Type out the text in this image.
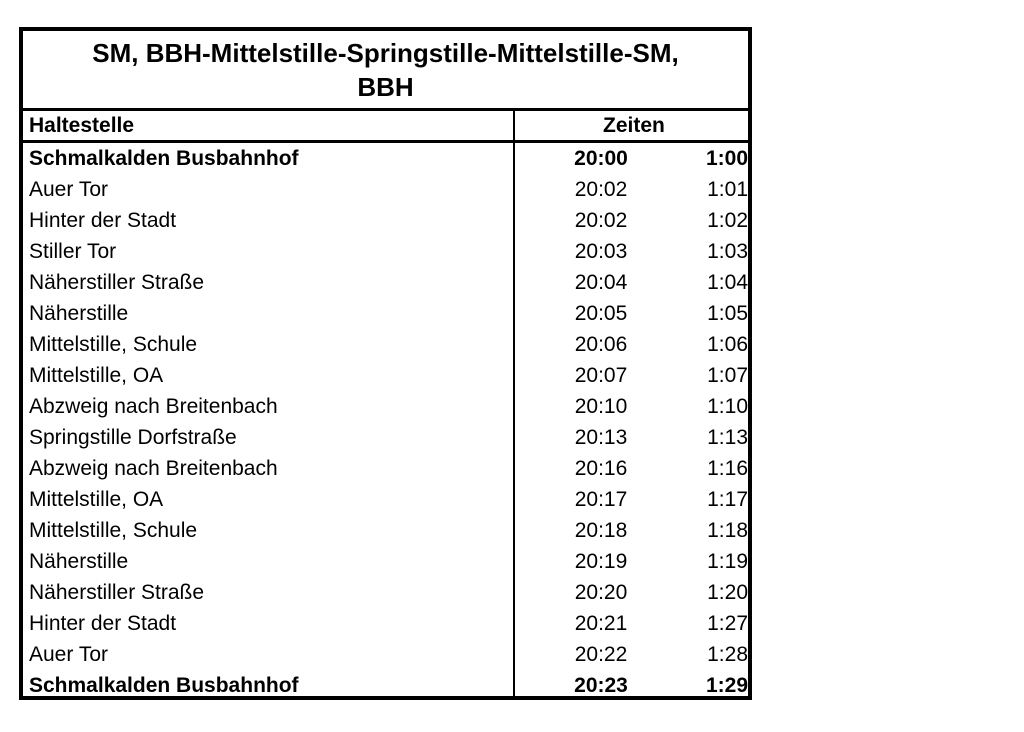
SM, BBH-Mittelstille-Springstille-Mittelstille-SM,
BBH
Haltestelle	Zeiten
Schmalkalden Busbahnhof	20:00	1:00
Auer Tor	20:02	1:01
Hinter der Stadt	20:02	1:02
Stiller Tor	20:03	1:03
Näherstiller Straße	20:04	1:04
Näherstille	20:05	1:05
Mittelstille, Schule	20:06	1:06
Mittelstille, OA	20:07	1:07
Abzweig nach Breitenbach	20:10	1:10
Springstille Dorfstraße	20:13	1:13
Abzweig nach Breitenbach	20:16	1:16
Mittelstille, OA	20:17	1:17
Mittelstille, Schule	20:18	1:18
Näherstille	20:19	1:19
Näherstiller Straße	20:20	1:20
Hinter der Stadt	20:21	1:27
Auer Tor	20:22	1:28
Schmalkalden Busbahnhof	20:23	1:29
